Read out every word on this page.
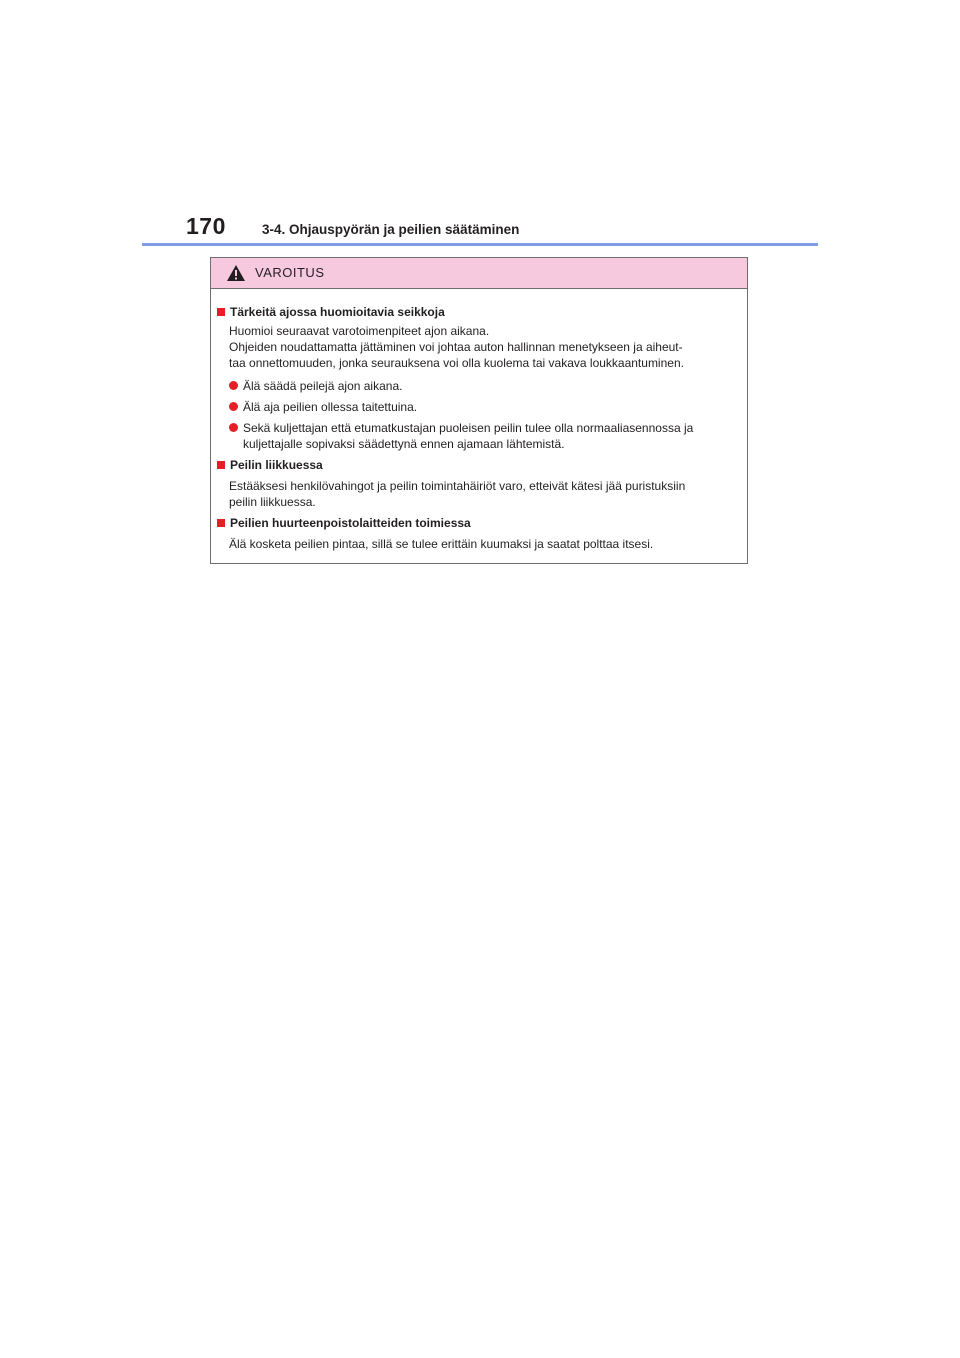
170	3-4. Ohjauspyörän ja peilien säätäminen
VAROITUS
Tärkeitä ajossa huomioitavia seikkoja
Huomioi seuraavat varotoimenpiteet ajon aikana.
Ohjeiden noudattamatta jättäminen voi johtaa auton hallinnan menetykseen ja aiheut-
taa onnettomuuden, jonka seurauksena voi olla kuolema tai vakava loukkaantuminen.
Älä säädä peilejä ajon aikana.
Älä aja peilien ollessa taitettuina.
Sekä kuljettajan että etumatkustajan puoleisen peilin tulee olla normaaliasennossa ja
kuljettajalle sopivaksi säädettynä ennen ajamaan lähtemistä.
Peilin liikkuessa
Estääksesi henkilövahingot ja peilin toimintahäiriöt varo, etteivät kätesi jää puristuksiin
peilin liikkuessa.
Peilien huurteenpoistolaitteiden toimiessa
Älä kosketa peilien pintaa, sillä se tulee erittäin kuumaksi ja saatat polttaa itsesi.
